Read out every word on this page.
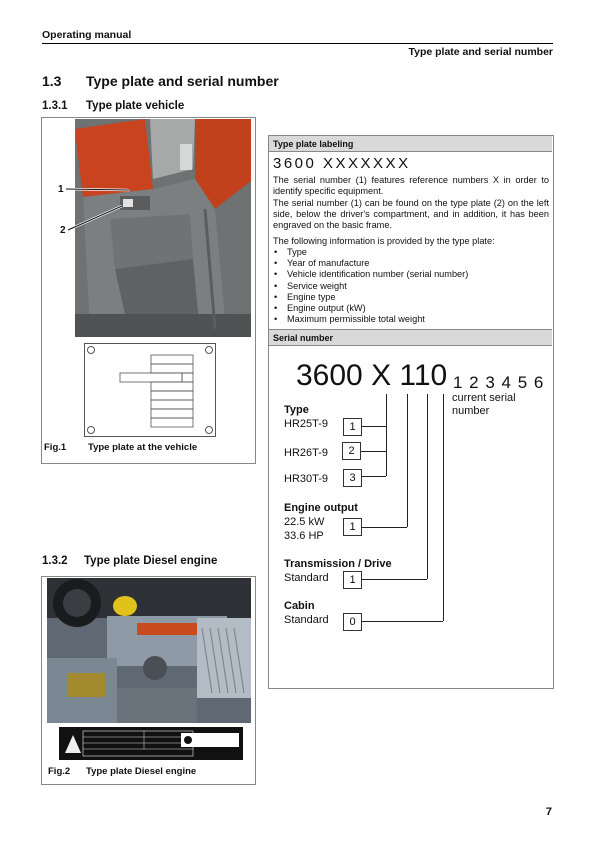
Operating manual
Type plate and serial number
1.3 Type plate and serial number
1.3.1 Type plate vehicle
1
2
Fig.1 Type plate at the vehicle
1.3.2 Type plate Diesel engine
Fig.2 Type plate Diesel engine
Type plate labeling
3600 XXXXXXX
The serial number (1) features reference numbers X in order to identify specific equipment.
The serial number (1) can be found on the type plate (2) on the left side, below the driver's compartment, and in addition, it has been engraved on the basic frame.
The following information is provided by the type plate:
• Type
• Year of manufacture
• Vehicle identification number (serial number)
• Service weight
• Engine type
• Engine output (kW)
• Maximum permissible total weight
Serial number
3600 X 110 1 2 3 4 5 6
current serial number
Type
HR25T-9	1
HR26T-9	2
HR30T-9	3
Engine output
22.5 kW
33.6 HP
1
Transmission / Drive
Standard	1
Cabin
Standard	0
7
